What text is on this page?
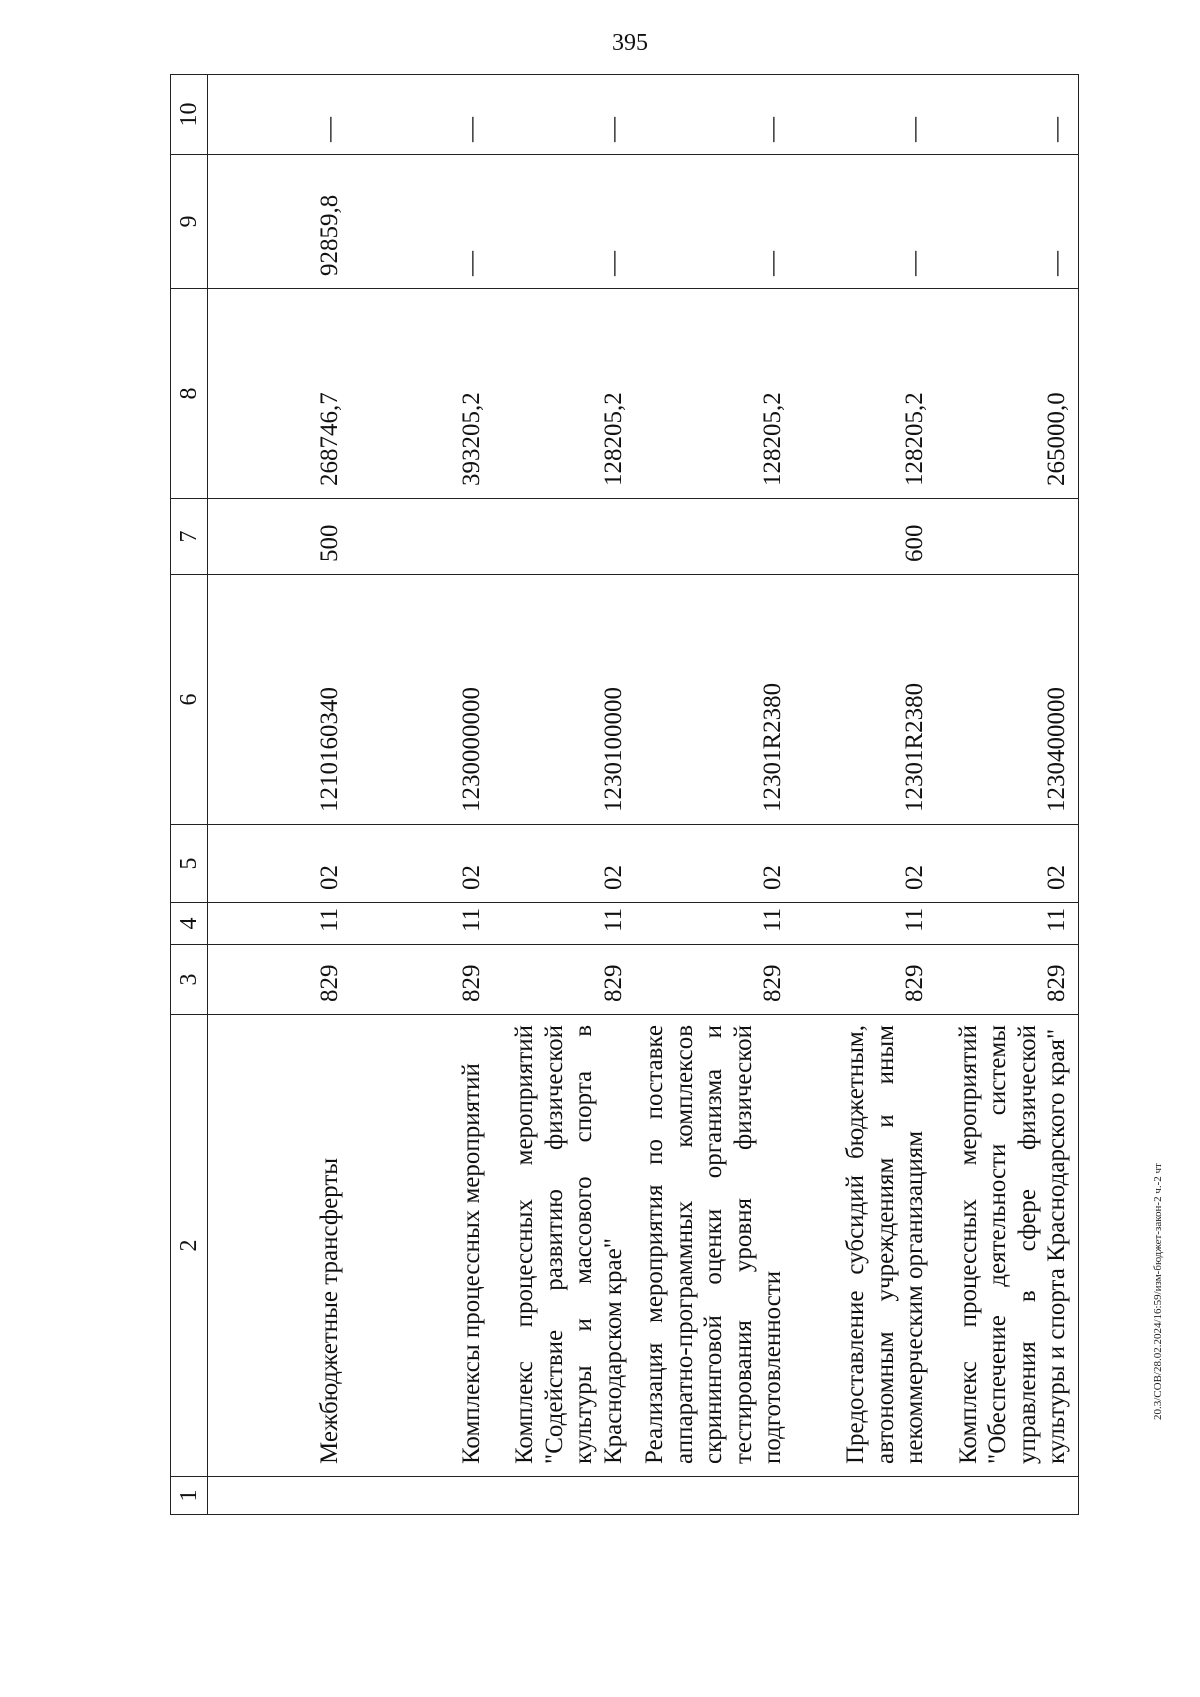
395
20.3/СОВ/28.02.2024/16:59/изм-бюджет-закон-2 ч.-2 чт
1	2	3	4	5	6	7	8	9	10
	Межбюджетные трансферты	829	11	02	1210160340	500	268746,7	92859,8	—
	Комплексы процессных мероприятий	829	11	02	1230000000		393205,2	—	—
	Комплекс процессных мероприятий "Содействие развитию физической культуры и массового спорта в Краснодарском крае"	829	11	02	1230100000		128205,2	—	—
	Реализация мероприятия по поставке аппаратно-программных комплексов скрининговой оценки организма и тестирования уровня физической подготовленности	829	11	02	12301R2380		128205,2	—	—
	Предоставление субсидий бюджетным, автономным учреждениям и иным некоммерческим организациям	829	11	02	12301R2380	600	128205,2	—	—
	Комплекс процессных мероприятий "Обеспечение деятельности системы управления в сфере физической культуры и спорта Краснодарского края"	829	11	02	1230400000		265000,0	—	—
